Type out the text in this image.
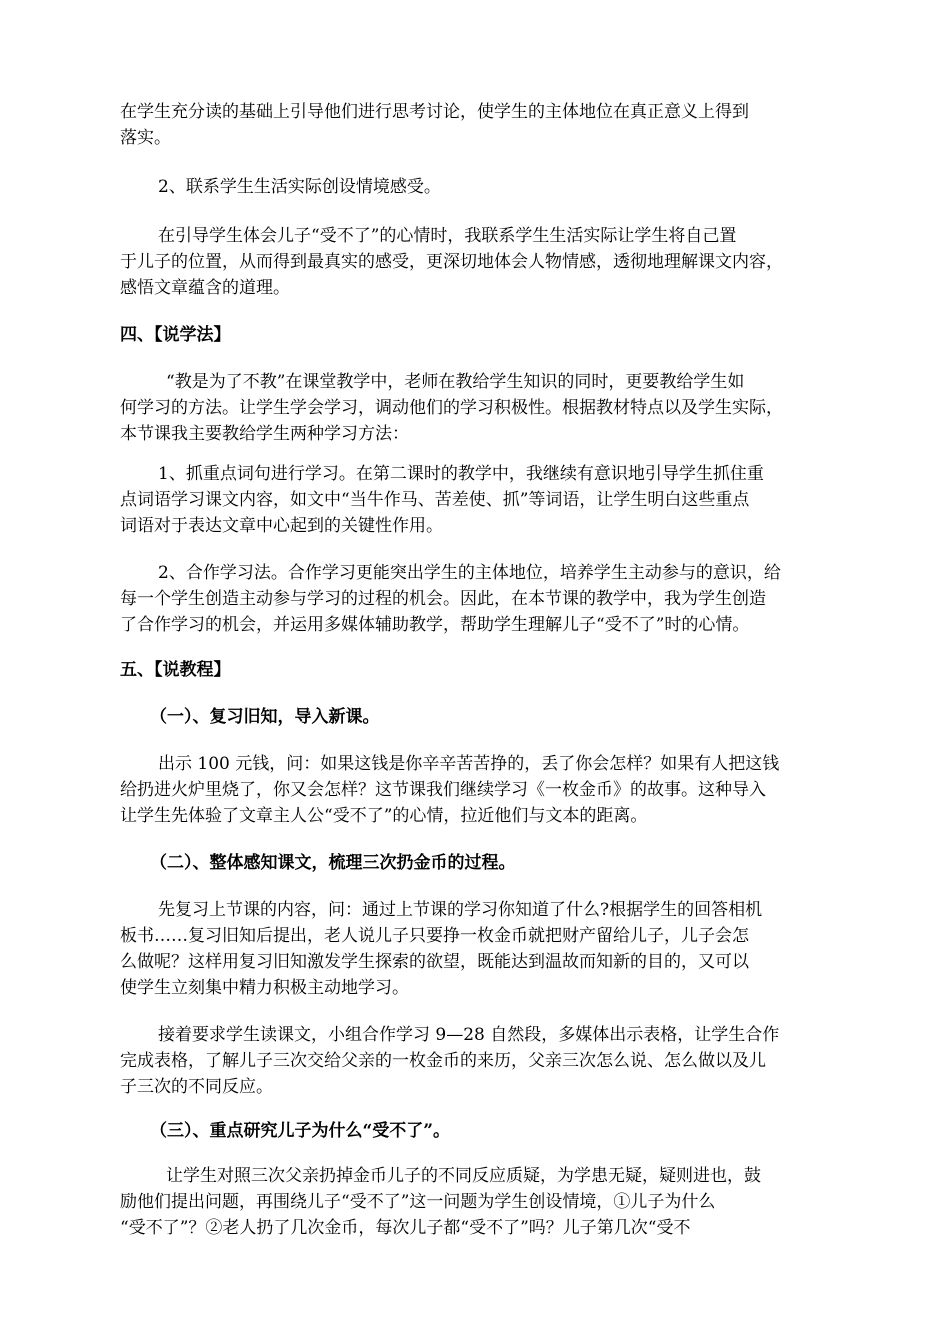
在学生充分读的基础上引导他们进行思考讨论，使学生的主体地位在真正意义上得到
落实。
2、联系学生生活实际创设情境感受。
在引导学生体会儿子“受不了”的心情时，我联系学生生活实际让学生将自己置
于儿子的位置，从而得到最真实的感受，更深切地体会人物情感，透彻地理解课文内容，
感悟文章蕴含的道理。
四、【说学法】
“教是为了不教”在课堂教学中，老师在教给学生知识的同时，更要教给学生如
何学习的方法。让学生学会学习，调动他们的学习积极性。根据教材特点以及学生实际，
本节课我主要教给学生两种学习方法：
1、抓重点词句进行学习。在第二课时的教学中，我继续有意识地引导学生抓住重
点词语学习课文内容，如文中“当牛作马、苦差使、抓”等词语，让学生明白这些重点
词语对于表达文章中心起到的关键性作用。
2、合作学习法。合作学习更能突出学生的主体地位，培养学生主动参与的意识，给
每一个学生创造主动参与学习的过程的机会。因此，在本节课的教学中，我为学生创造
了合作学习的机会，并运用多媒体辅助教学，帮助学生理解儿子“受不了”时的心情。
五、【说教程】
（一）、复习旧知，导入新课。
出示 100 元钱，问：如果这钱是你辛辛苦苦挣的，丢了你会怎样？如果有人把这钱
给扔进火炉里烧了，你又会怎样？这节课我们继续学习《一枚金币》的故事。这种导入
让学生先体验了文章主人公“受不了”的心情，拉近他们与文本的距离。
（二）、整体感知课文，梳理三次扔金币的过程。
先复习上节课的内容，问：通过上节课的学习你知道了什么?根据学生的回答相机
板书……复习旧知后提出，老人说儿子只要挣一枚金币就把财产留给儿子，儿子会怎
么做呢？这样用复习旧知激发学生探索的欲望，既能达到温故而知新的目的，又可以
使学生立刻集中精力积极主动地学习。
接着要求学生读课文，小组合作学习 9—28 自然段，多媒体出示表格，让学生合作
完成表格，了解儿子三次交给父亲的一枚金币的来历，父亲三次怎么说、怎么做以及儿
子三次的不同反应。
（三）、重点研究儿子为什么“受不了”。
让学生对照三次父亲扔掉金币儿子的不同反应质疑，为学患无疑，疑则进也，鼓
励他们提出问题，再围绕儿子“受不了”这一问题为学生创设情境，①儿子为什么
“受不了”？②老人扔了几次金币，每次儿子都“受不了”吗？儿子第几次“受不
